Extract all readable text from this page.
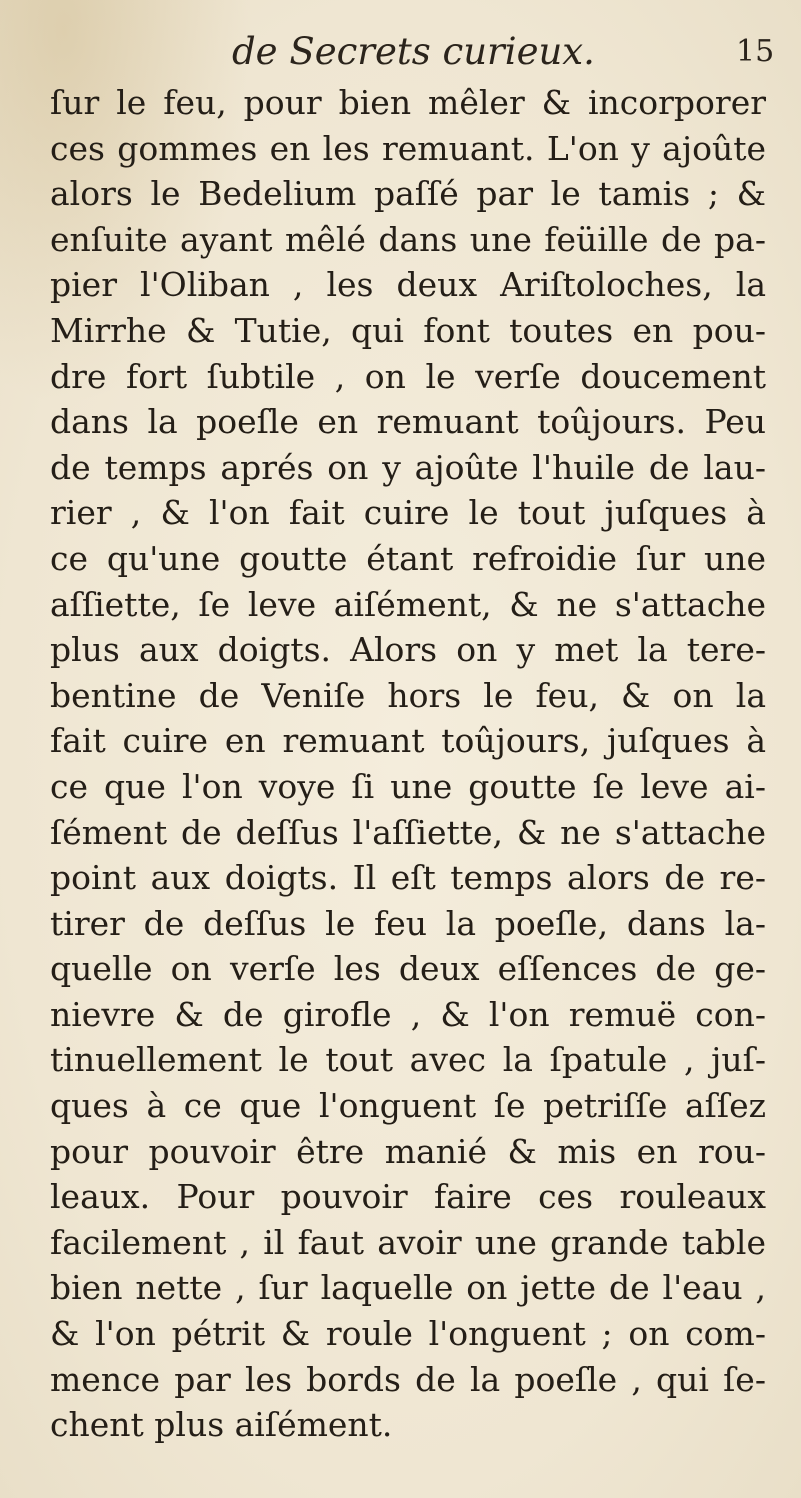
de Secrets curieux.	15
ſur le feu, pour bien mêler & incorporer
ces gommes en les remuant. L'on y ajoûte
alors le Bedelium paſſé par le tamis ; &
enſuite ayant mêlé dans une feüille de pa-
pier l'Oliban , les deux Ariſtoloches, la
Mirrhe & Tutie, qui font toutes en pou-
dre fort ſubtile , on le verſe doucement
dans la poeſle en remuant toûjours. Peu
de temps aprés on y ajoûte l'huile de lau-
rier , & l'on fait cuire le tout juſques à
ce qu'une goutte étant refroidie ſur une
aſſiette, ſe leve aiſément, & ne s'attache
plus aux doigts. Alors on y met la tere-
bentine de Veniſe hors le feu, & on la
fait cuire en remuant toûjours, juſques à
ce que l'on voye ſi une goutte ſe leve ai-
ſément de deſſus l'aſſiette, & ne s'attache
point aux doigts. Il eſt temps alors de re-
tirer de deſſus le feu la poeſle, dans la-
quelle on verſe les deux eſſences de ge-
nievre & de girofle , & l'on remuë con-
tinuellement le tout avec la ſpatule , juſ-
ques à ce que l'onguent ſe petriſſe aſſez
pour pouvoir être manié & mis en rou-
leaux. Pour pouvoir faire ces rouleaux
facilement , il faut avoir une grande table
bien nette , ſur laquelle on jette de l'eau ,
& l'on pétrit & roule l'onguent ; on com-
mence par les bords de la poeſle , qui ſe-
chent plus aiſément.
